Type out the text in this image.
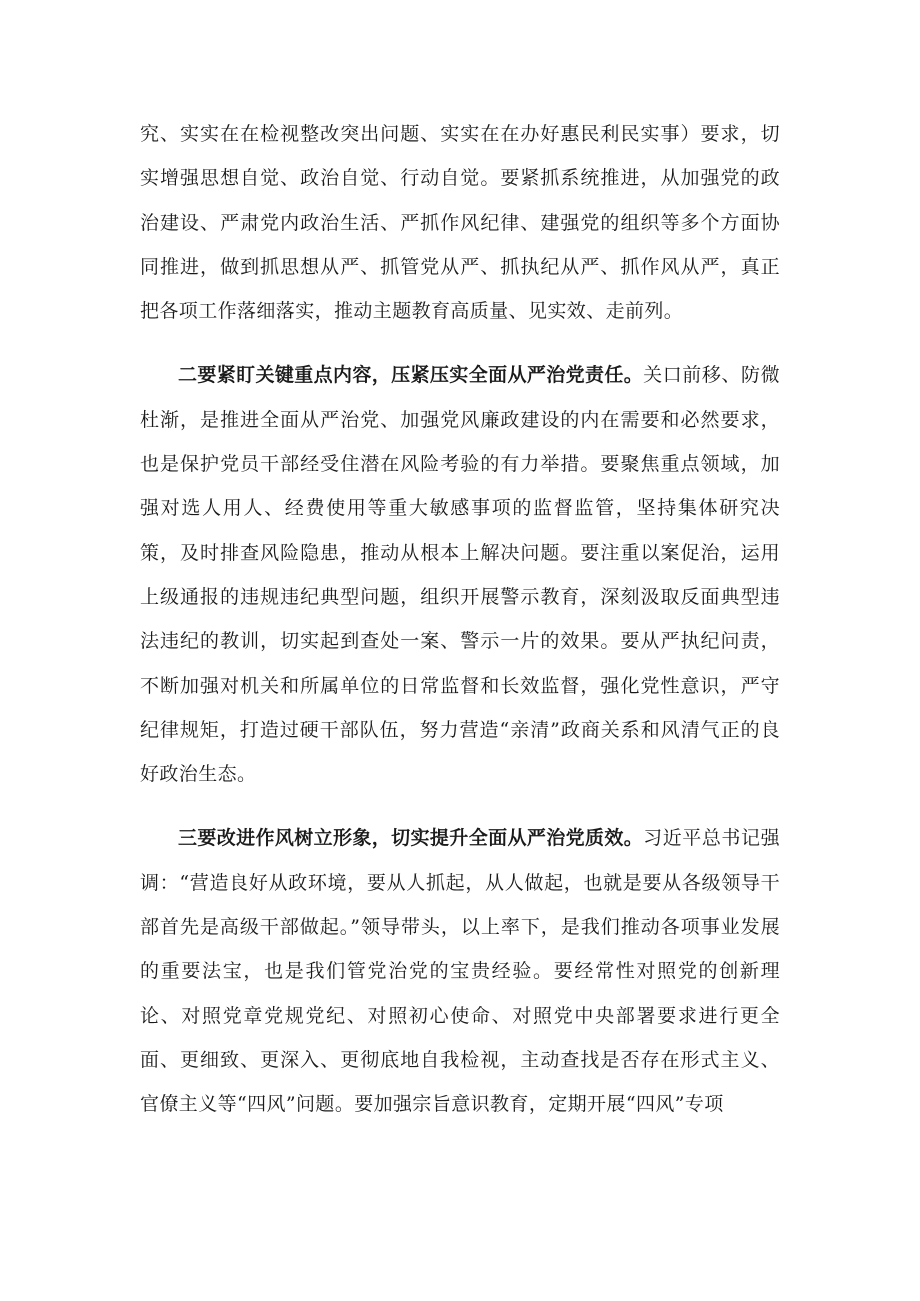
究、实实在在检视整改突出问题、实实在在办好惠民利民实事）要求，切实增强思想自觉、政治自觉、行动自觉。要紧抓系统推进，从加强党的政治建设、严肃党内政治生活、严抓作风纪律、建强党的组织等多个方面协同推进，做到抓思想从严、抓管党从严、抓执纪从严、抓作风从严，真正把各项工作落细落实，推动主题教育高质量、见实效、走前列。

二要紧盯关键重点内容，压紧压实全面从严治党责任。关口前移、防微杜渐，是推进全面从严治党、加强党风廉政建设的内在需要和必然要求，也是保护党员干部经受住潜在风险考验的有力举措。要聚焦重点领域，加强对选人用人、经费使用等重大敏感事项的监督监管，坚持集体研究决策，及时排查风险隐患，推动从根本上解决问题。要注重以案促治，运用上级通报的违规违纪典型问题，组织开展警示教育，深刻汲取反面典型违法违纪的教训，切实起到查处一案、警示一片的效果。要从严执纪问责，不断加强对机关和所属单位的日常监督和长效监督，强化党性意识，严守纪律规矩，打造过硬干部队伍，努力营造“亲清”政商关系和风清气正的良好政治生态。

三要改进作风树立形象，切实提升全面从严治党质效。习近平总书记强调：“营造良好从政环境，要从人抓起，从人做起，也就是要从各级领导干部首先是高级干部做起。”领导带头，以上率下，是我们推动各项事业发展的重要法宝，也是我们管党治党的宝贵经验。要经常性对照党的创新理论、对照党章党规党纪、对照初心使命、对照党中央部署要求进行更全面、更细致、更深入、更彻底地自我检视，主动查找是否存在形式主义、官僚主义等“四风”问题。要加强宗旨意识教育，定期开展“四风”专项
